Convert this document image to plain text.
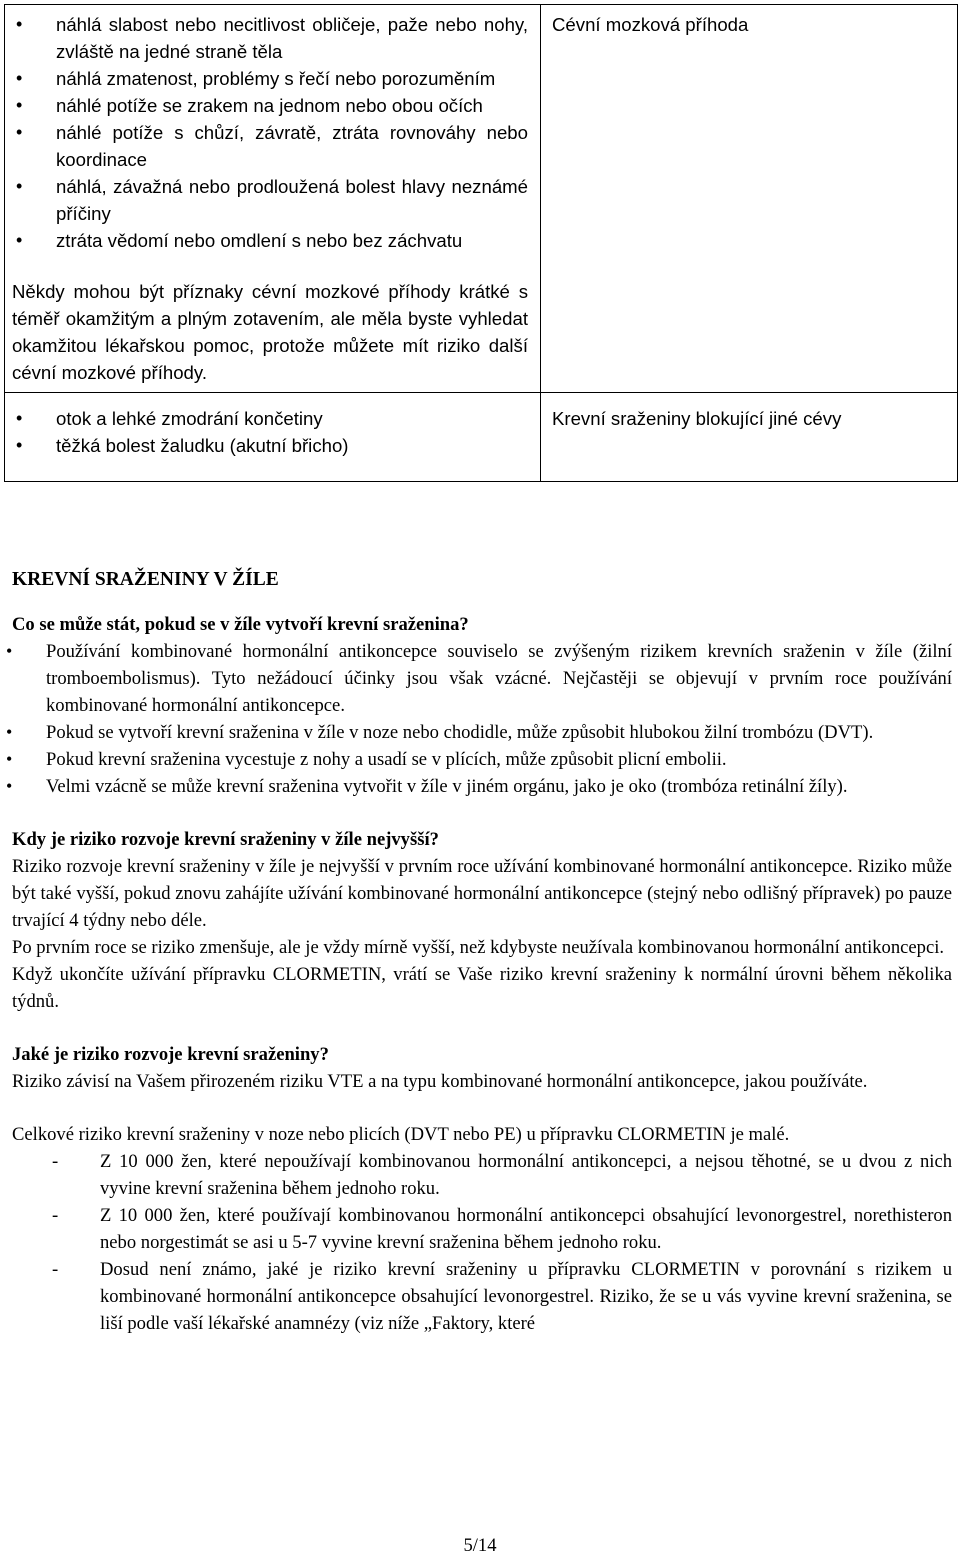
• náhlá slabost nebo necitlivost obličeje, paže nebo nohy, zvláště na jedné straně těla
• náhlá zmatenost, problémy s řečí nebo porozuměním
• náhlé potíže se zrakem na jednom nebo obou očích
• náhlé potíže s chůzí, závratě, ztráta rovnováhy nebo koordinace
• náhlá, závažná nebo prodloužená bolest hlavy neznámé příčiny
• ztráta vědomí nebo omdlení s nebo bez záchvatu
Někdy mohou být příznaky cévní mozkové příhody krátké s téměř okamžitým a plným zotavením, ale měla byste vyhledat okamžitou lékařskou pomoc, protože můžete mít riziko další cévní mozkové příhody.
Cévní mozková příhoda
• otok a lehké zmodrání končetiny
• těžká bolest žaludku (akutní břicho)
Krevní sraženiny blokující jiné cévy
KREVNÍ SRAŽENINY V ŽÍLE
Co se může stát, pokud se v žíle vytvoří krevní sraženina?
• Používání kombinované hormonální antikoncepce souviselo se zvýšeným rizikem krevních sraženin v žíle (žilní tromboembolismus). Tyto nežádoucí účinky jsou však vzácné. Nejčastěji se objevují v prvním roce používání kombinované hormonální antikoncepce.
• Pokud se vytvoří krevní sraženina v žíle v noze nebo chodidle, může způsobit hlubokou žilní trombózu (DVT).
• Pokud krevní sraženina vycestuje z nohy a usadí se v plících, může způsobit plicní embolii.
• Velmi vzácně se může krevní sraženina vytvořit v žíle v jiném orgánu, jako je oko (trombóza retinální žíly).
Kdy je riziko rozvoje krevní sraženiny v žíle nejvyšší?

Riziko rozvoje krevní sraženiny v žíle je nejvyšší v prvním roce užívání kombinované hormonální antikoncepce. Riziko může být také vyšší, pokud znovu zahájíte užívání kombinované hormonální antikoncepce (stejný nebo odlišný přípravek) po pauze trvající 4 týdny nebo déle.

Po prvním roce se riziko zmenšuje, ale je vždy mírně vyšší, než kdybyste neužívala kombinovanou hormonální antikoncepci.

Když ukončíte užívání přípravku CLORMETIN, vrátí se Vaše riziko krevní sraženiny k normální úrovni během několika týdnů.

Jaké je riziko rozvoje krevní sraženiny?

Riziko závisí na Vašem přirozeném riziku VTE a na typu kombinované hormonální antikoncepce, jakou používáte.

Celkové riziko krevní sraženiny v noze nebo plicích (DVT nebo PE) u přípravku CLORMETIN je malé.

- Z 10 000 žen, které nepoužívají kombinovanou hormonální antikoncepci, a nejsou těhotné, se u dvou z nich vyvine krevní sraženina během jednoho roku.
- Z 10 000 žen, které používají kombinovanou hormonální antikoncepci obsahující levonorgestrel, norethisteron nebo norgestimát se asi u 5-7 vyvine krevní sraženina během jednoho roku.
- Dosud není známo, jaké je riziko krevní sraženiny u přípravku CLORMETIN v porovnání s rizikem u kombinované hormonální antikoncepce obsahující levonorgestrel. Riziko, že se u vás vyvine krevní sraženina, se liší podle vaší lékařské anamnézy (viz níže „Faktory, které
5/14
